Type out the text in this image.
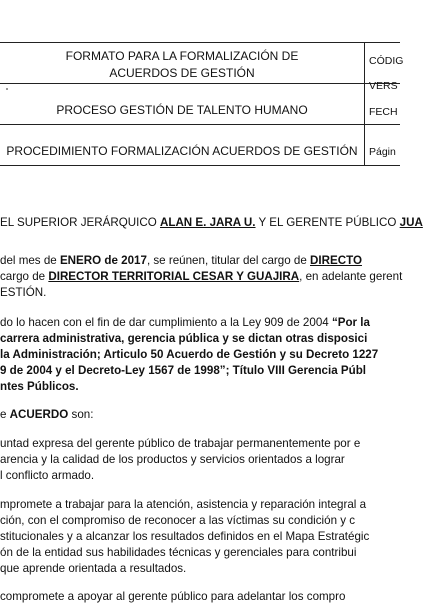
FORMATO PARA LA FORMALIZACIÓN DE
ACUERDOS DE GESTIÓN
PROCESO GESTIÓN DE TALENTO HUMANO
PROCEDIMIENTO FORMALIZACIÓN ACUERDOS DE GESTIÓN
CÓDIG
VERS
FECH
Págin
EL SUPERIOR JERÁRQUICO ALAN E. JARA U. Y EL GERENTE PÚBLICO JUA
del mes de ENERO de 2017, se reúnen, titular del cargo de DIRECTO
cargo de DIRECTOR TERRITORIAL CESAR Y GUAJIRA, en adelante gerent
ESTIÓN.
do lo hacen con el fin de dar cumplimiento a la Ley 909 de 2004 “Por la
carrera administrativa, gerencia pública y se dictan otras disposici
la Administración; Articulo 50 Acuerdo de Gestión y su Decreto 1227
9 de 2004 y el Decreto-Ley 1567 de 1998”; Título VIII Gerencia Públ
ntes Públicos.
e ACUERDO son:
untad expresa del gerente público de trabajar permanentemente por e
arencia y la calidad de los productos y servicios orientados a lograr
l conflicto armado.
mprometе a trabajar para la atención, asistencia y reparación integral a
ción, con el compromiso de reconocer a las víctimas su condición y c
stitucionales y a alcanzar los resultados definidos en el Mapa Estratégic
ón de la entidad sus habilidades técnicas y gerenciales para contribui
que aprende orientada a resultados.
compromete a apoyar al gerente público para adelantar los compro
